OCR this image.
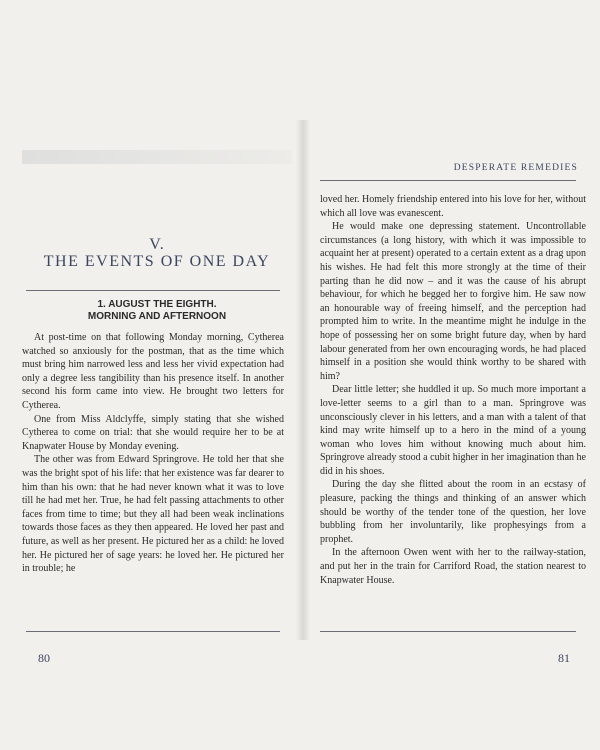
V.
THE EVENTS OF ONE DAY
1. AUGUST THE EIGHTH.
MORNING AND AFTERNOON

At post-time on that following Monday morning, Cytherea watched so anxiously for the postman, that as the time which must bring him narrowed less and less her vivid expectation had only a degree less tangibility than his presence itself. In another second his form came into view. He brought two letters for Cytherea.

One from Miss Aldclyffe, simply stating that she wished Cytherea to come on trial: that she would require her to be at Knapwater House by Monday evening.

The other was from Edward Springrove. He told her that she was the bright spot of his life: that her existence was far dearer to him than his own: that he had never known what it was to love till he had met her. True, he had felt passing attachments to other faces from time to time; but they all had been weak inclinations towards those faces as they then appeared. He loved her past and future, as well as her present. He pictured her as a child: he loved her. He pictured her of sage years: he loved her. He pictured her in trouble; he

80
DESPERATE REMEDIES

loved her. Homely friendship entered into his love for her, without which all love was evanescent.

He would make one depressing statement. Uncontrollable circumstances (a long history, with which it was impossible to acquaint her at present) operated to a certain extent as a drag upon his wishes. He had felt this more strongly at the time of their parting than he did now – and it was the cause of his abrupt behaviour, for which he begged her to forgive him. He saw now an honourable way of freeing himself, and the perception had prompted him to write. In the meantime might he indulge in the hope of possessing her on some bright future day, when by hard labour generated from her own encouraging words, he had placed himself in a position she would think worthy to be shared with him?

Dear little letter; she huddled it up. So much more important a love-letter seems to a girl than to a man. Springrove was unconsciously clever in his letters, and a man with a talent of that kind may write himself up to a hero in the mind of a young woman who loves him without knowing much about him. Springrove already stood a cubit higher in her imagination than he did in his shoes.

During the day she flitted about the room in an ecstasy of pleasure, packing the things and thinking of an answer which should be worthy of the tender tone of the question, her love bubbling from her involuntarily, like prophesyings from a prophet.

In the afternoon Owen went with her to the railway-station, and put her in the train for Carriford Road, the station nearest to Knapwater House.

81
